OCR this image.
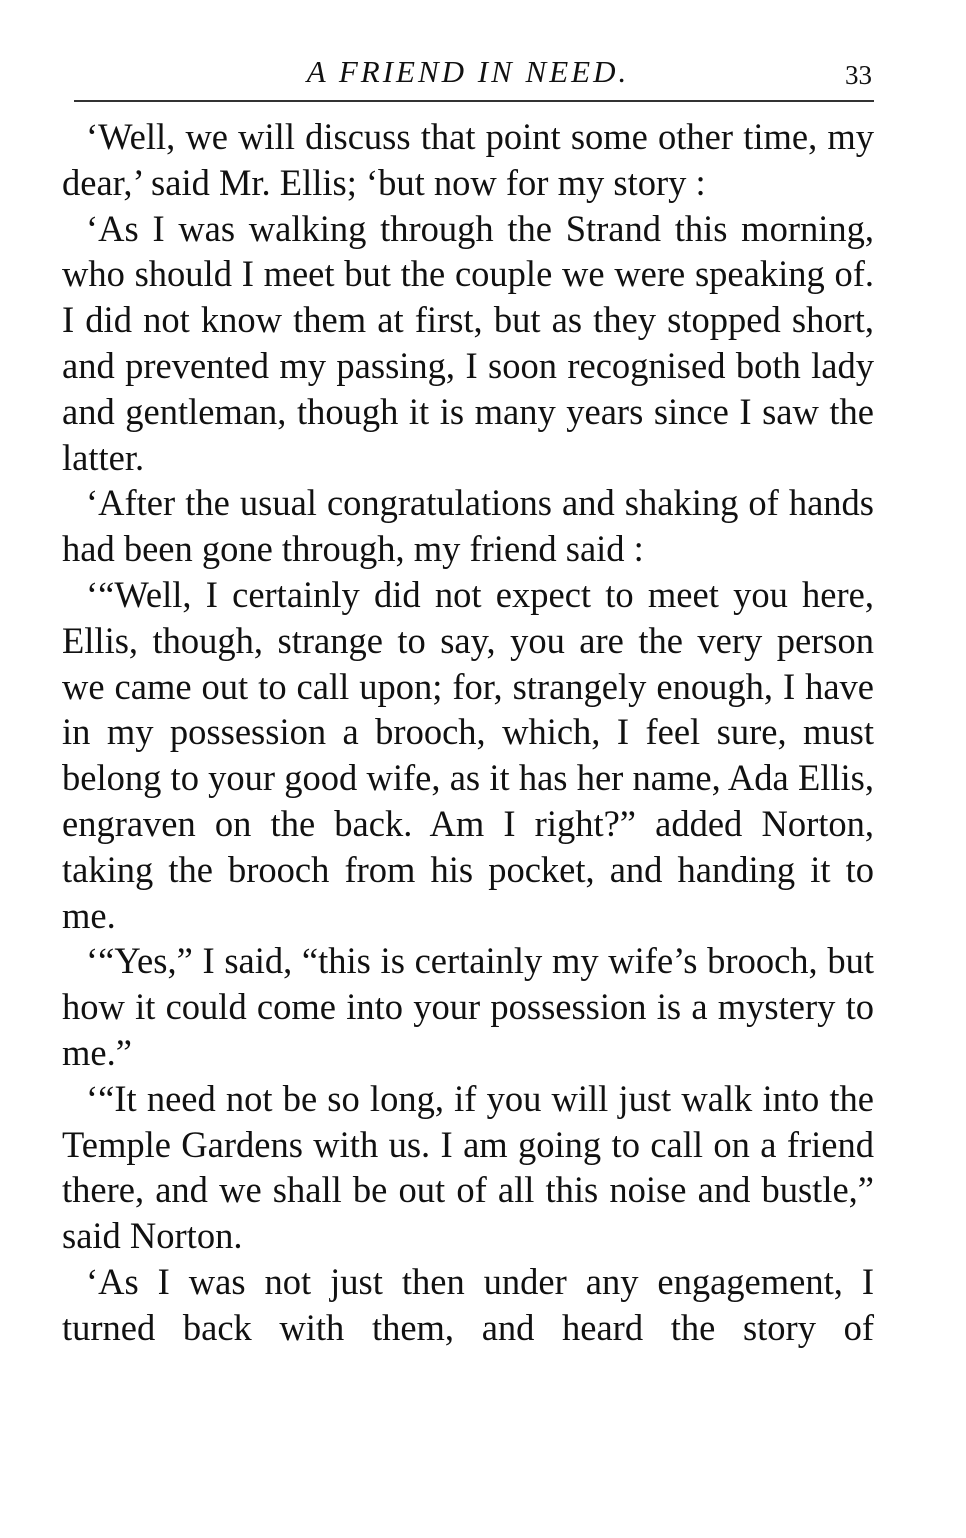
A FRIEND IN NEED.	33

‘Well, we will discuss that point some other time, my dear,’ said Mr. Ellis; ‘but now for my story :

‘As I was walking through the Strand this morning, who should I meet but the couple we were speaking of. I did not know them at first, but as they stopped short, and prevented my passing, I soon recognised both lady and gentleman, though it is many years since I saw the latter.

‘After the usual congratulations and shaking of hands had been gone through, my friend said :

‘“Well, I certainly did not expect to meet you here, Ellis, though, strange to say, you are the very person we came out to call upon; for, strangely enough, I have in my possession a brooch, which, I feel sure, must belong to your good wife, as it has her name, Ada Ellis, engraven on the back. Am I right?” added Norton, taking the brooch from his pocket, and handing it to me.

‘“Yes,” I said, “this is certainly my wife’s brooch, but how it could come into your possession is a mystery to me.”

‘“It need not be so long, if you will just walk into the Temple Gardens with us. I am going to call on a friend there, and we shall be out of all this noise and bustle,” said Norton.

‘As I was not just then under any engagement, I turned back with them, and heard the story of
